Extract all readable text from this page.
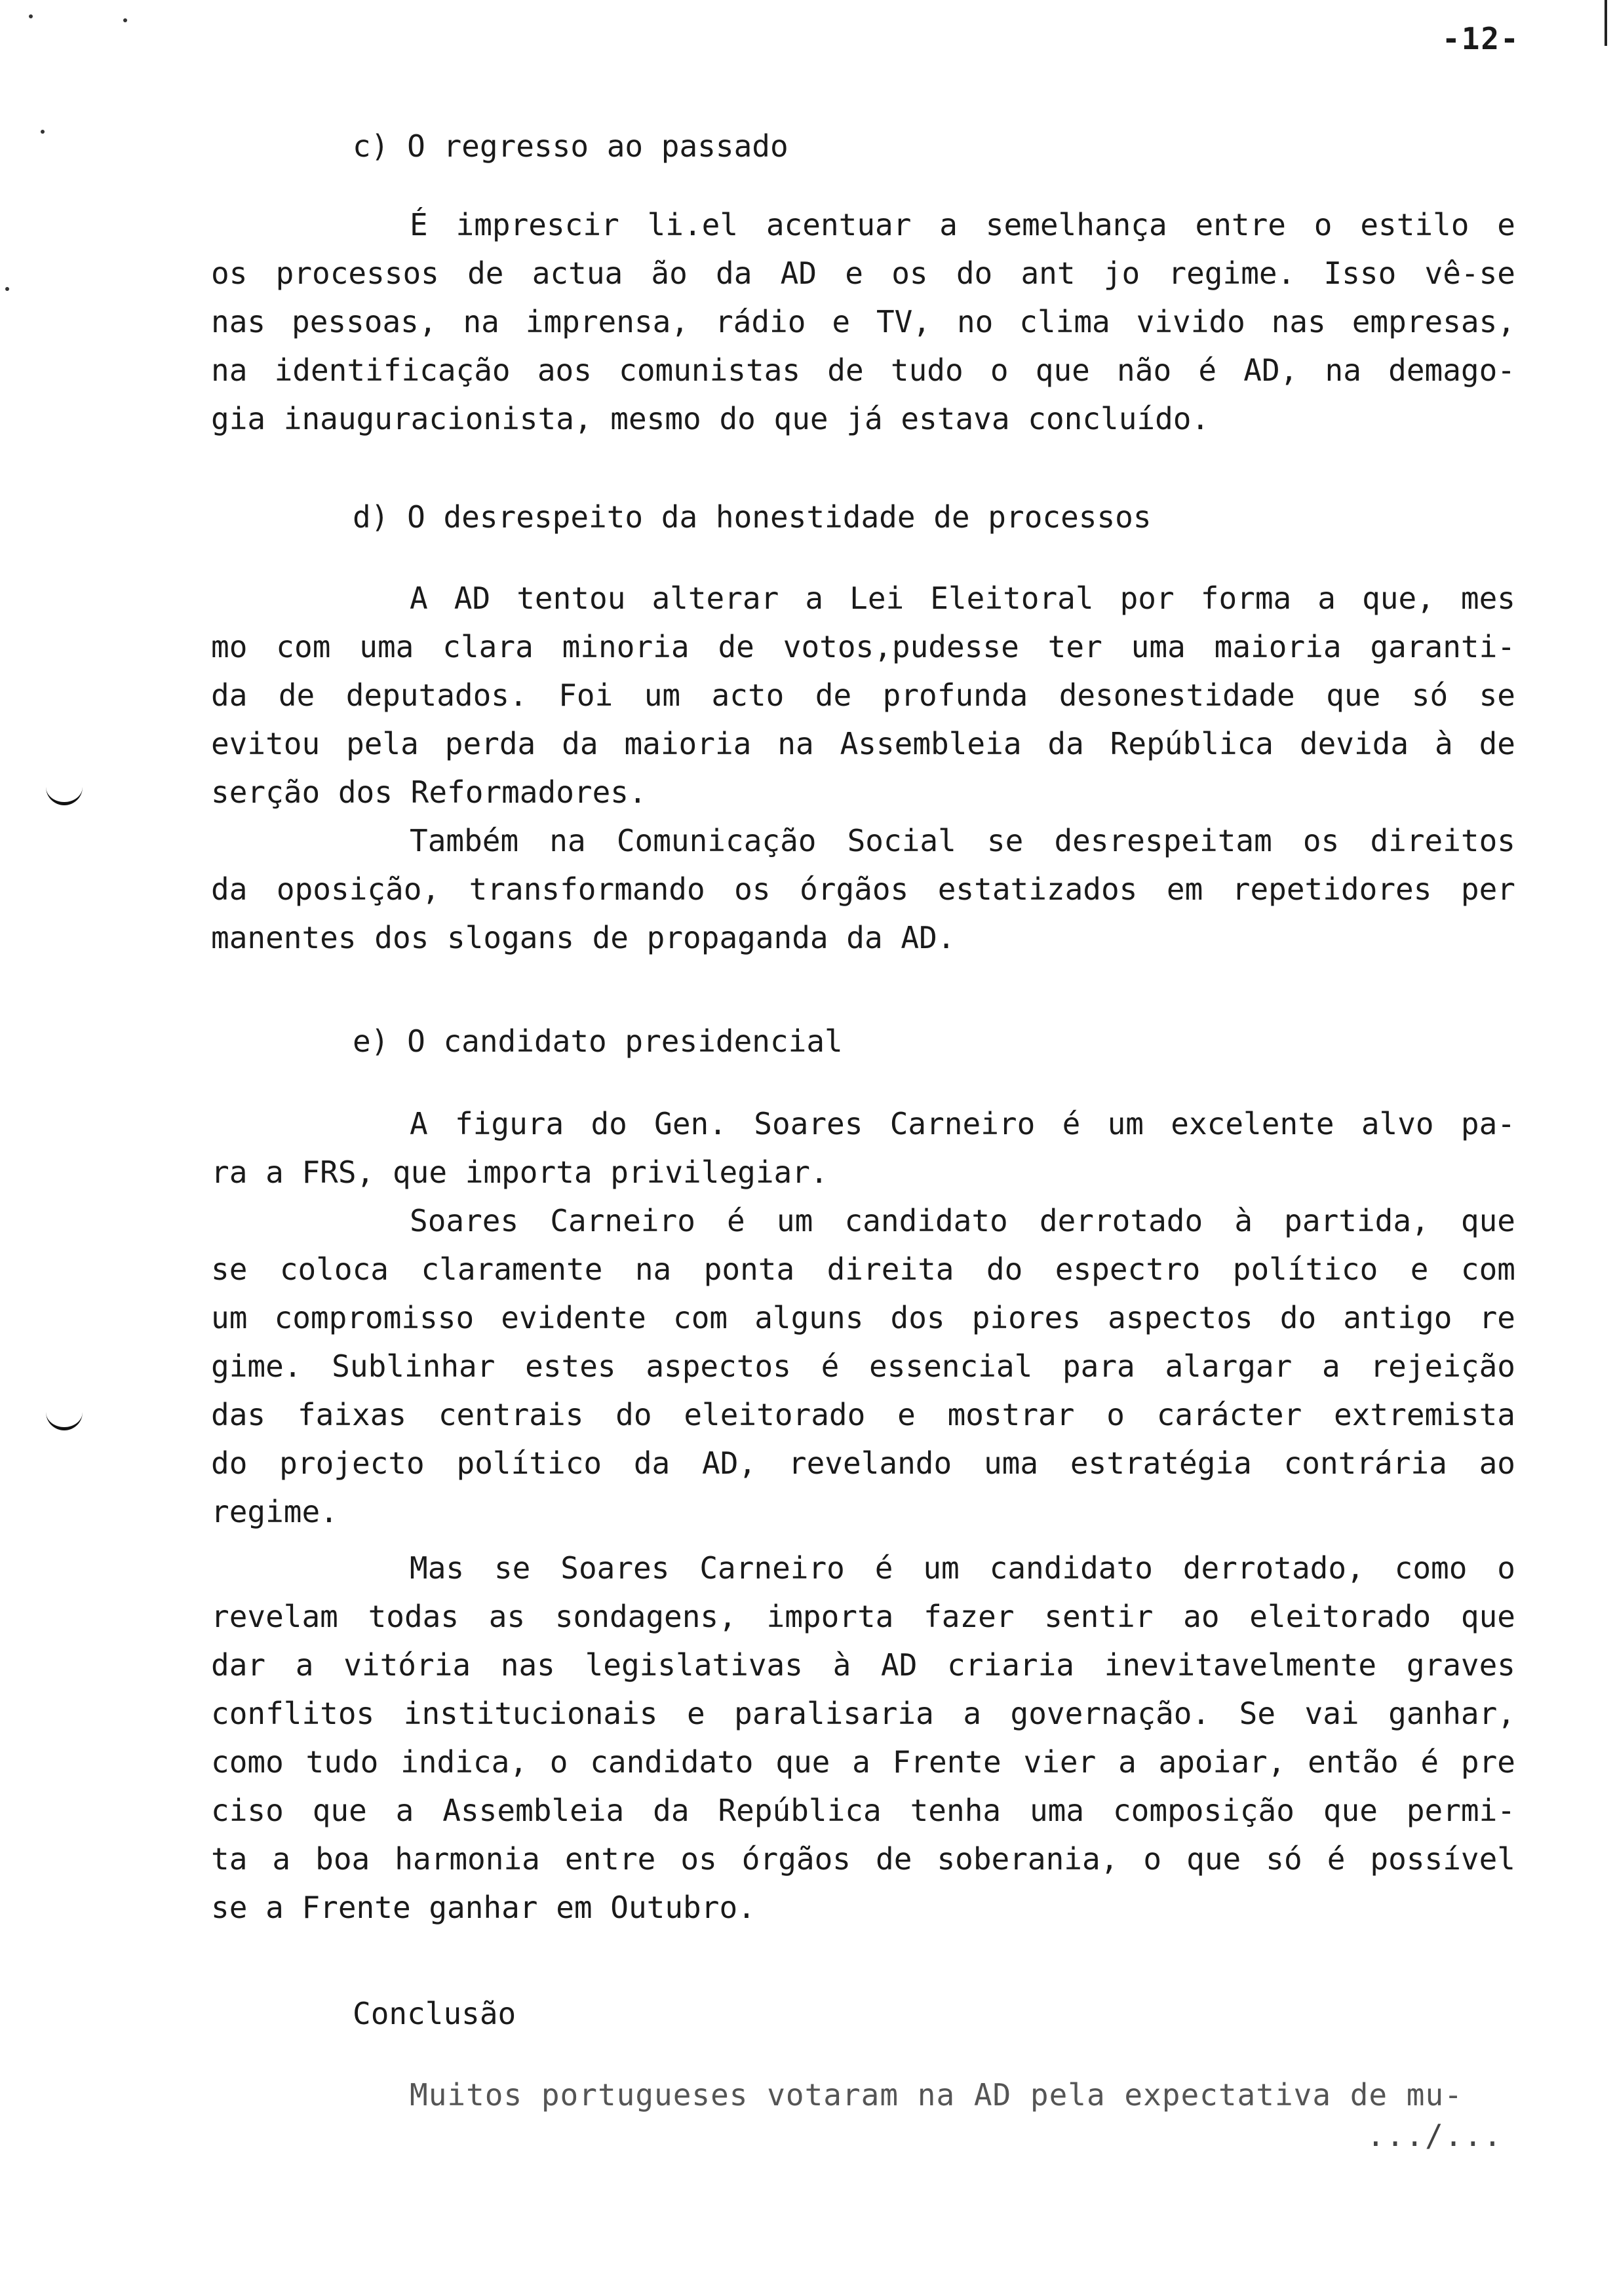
-12-
c) O regresso ao passado
É imprescir li.el acentuar a semelhança entre o estilo e
os processos de actua ão da AD e os do ant jo regime. Isso vê-se
nas pessoas, na imprensa, rádio e TV, no clima vivido nas empresas,
na identificação aos comunistas de tudo o que não é AD, na demago-
gia inauguracionista, mesmo do que já estava concluído.
d) O desrespeito da honestidade de processos
A AD tentou alterar a Lei Eleitoral por forma a que, mes
mo com uma clara minoria de votos,pudesse ter uma maioria garanti-
da de deputados. Foi um acto de profunda desonestidade que só se
evitou pela perda da maioria na Assembleia da República devida à de
serção dos Reformadores.
Também na Comunicação Social se desrespeitam os direitos
da oposição, transformando os órgãos estatizados em repetidores per
manentes dos slogans de propaganda da AD.
e) O candidato presidencial
A figura do Gen. Soares Carneiro é um excelente alvo pa-
ra a FRS, que importa privilegiar.
Soares Carneiro é um candidato derrotado à partida, que
se coloca claramente na ponta direita do espectro político e com
um compromisso evidente com alguns dos piores aspectos do antigo re
gime. Sublinhar estes aspectos é essencial para alargar a rejeição
das faixas centrais do eleitorado e mostrar o carácter extremista
do projecto político da AD, revelando uma estratégia contrária ao
regime.
Mas se Soares Carneiro é um candidato derrotado, como o
revelam todas as sondagens, importa fazer sentir ao eleitorado que
dar a vitória nas legislativas à AD criaria inevitavelmente graves
conflitos institucionais e paralisaria a governação. Se vai ganhar,
como tudo indica, o candidato que a Frente vier a apoiar, então é pre
ciso que a Assembleia da República tenha uma composição que permi-
ta a boa harmonia entre os órgãos de soberania, o que só é possível
se a Frente ganhar em Outubro.
Conclusão
Muitos portugueses votaram na AD pela expectativa de mu-
.../...
